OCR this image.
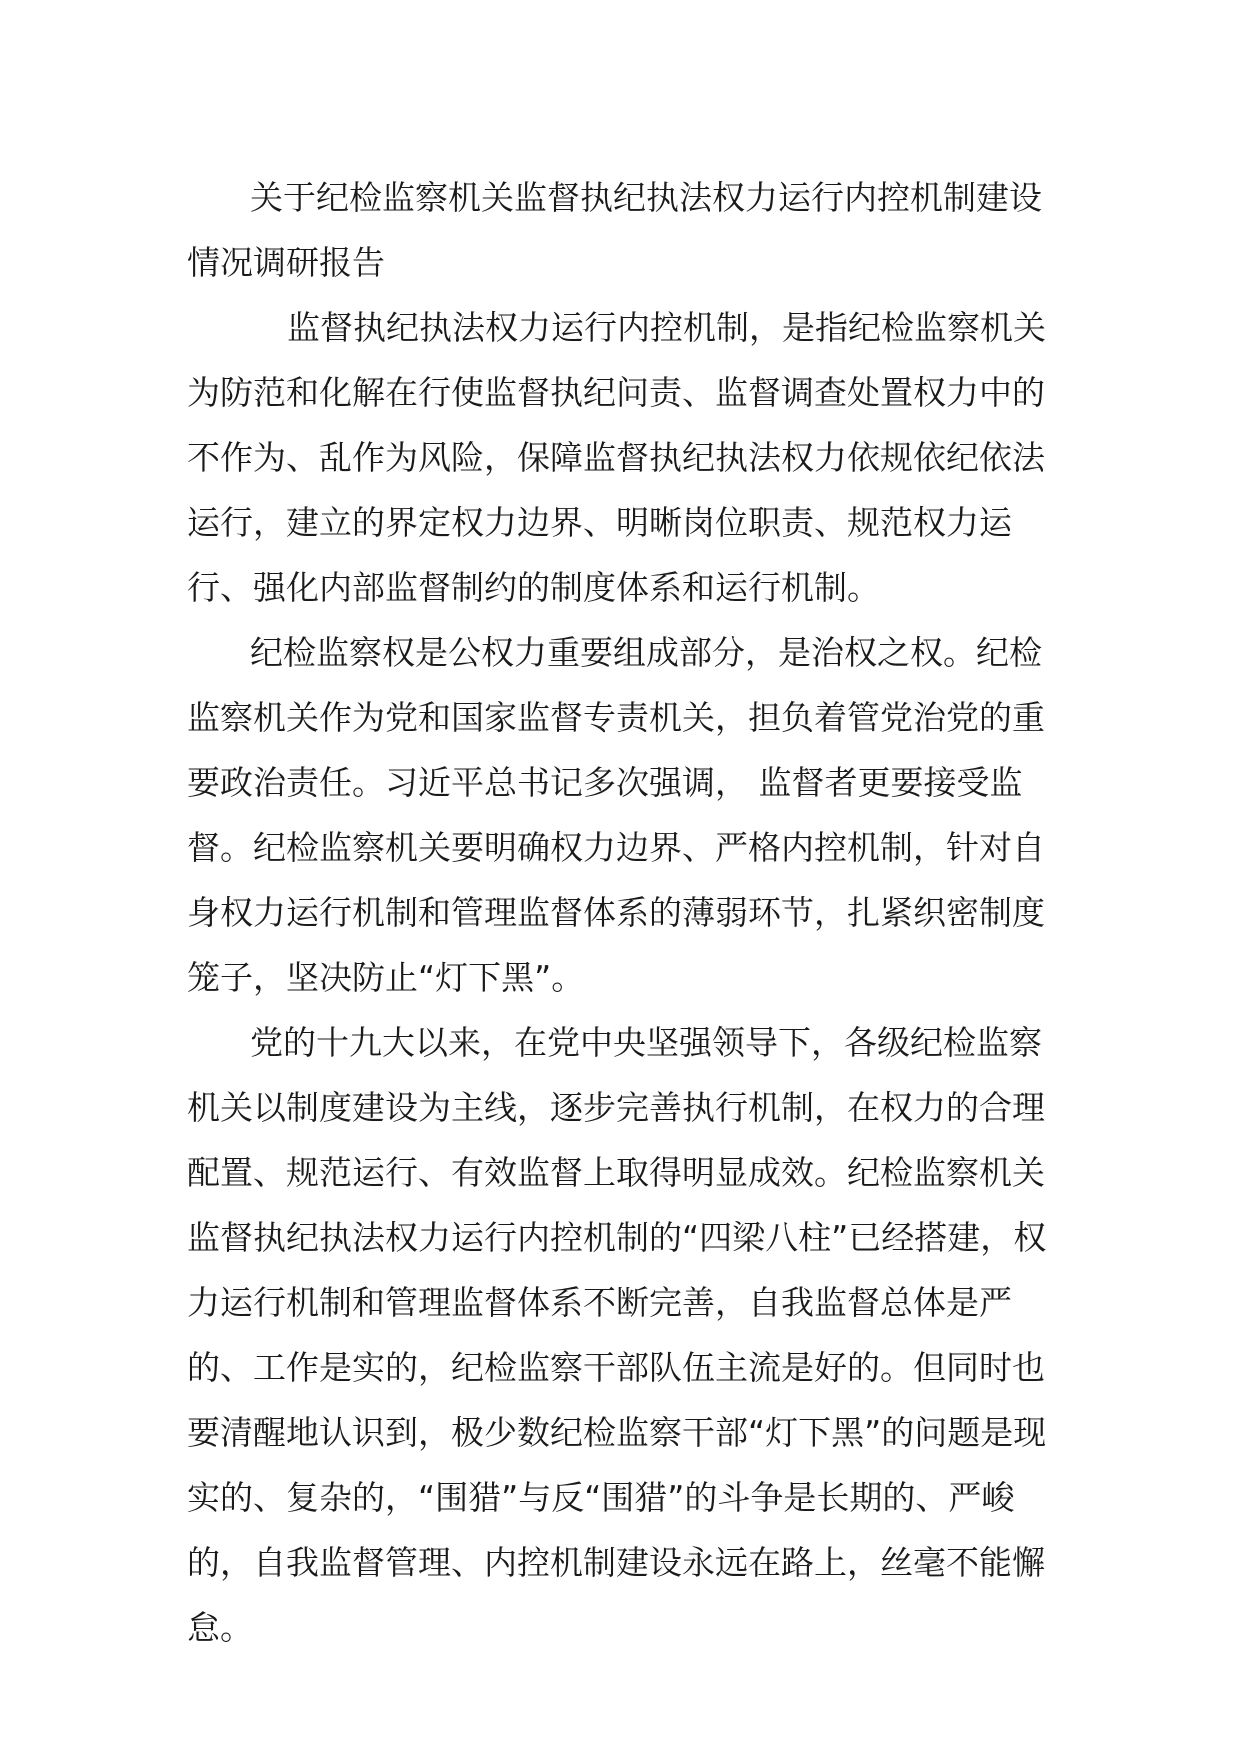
关于纪检监察机关监督执纪执法权力运行内控机制建设情况调研报告

监督执纪执法权力运行内控机制，是指纪检监察机关为防范和化解在行使监督执纪问责、监督调查处置权力中的不作为、乱作为风险，保障监督执纪执法权力依规依纪依法运行，建立的界定权力边界、明晰岗位职责、规范权力运行、强化内部监督制约的制度体系和运行机制。

纪检监察权是公权力重要组成部分，是治权之权。纪检监察机关作为党和国家监督专责机关，担负着管党治党的重要政治责任。习近平总书记多次强调， 监督者更要接受监督。纪检监察机关要明确权力边界、严格内控机制，针对自身权力运行机制和管理监督体系的薄弱环节，扎紧织密制度笼子，坚决防止“灯下黑”。

党的十九大以来，在党中央坚强领导下，各级纪检监察机关以制度建设为主线，逐步完善执行机制，在权力的合理配置、规范运行、有效监督上取得明显成效。纪检监察机关监督执纪执法权力运行内控机制的“四梁八柱”已经搭建，权力运行机制和管理监督体系不断完善，自我监督总体是严的、工作是实的，纪检监察干部队伍主流是好的。但同时也要清醒地认识到，极少数纪检监察干部“灯下黑”的问题是现实的、复杂的，“围猎”与反“围猎”的斗争是长期的、严峻的，自我监督管理、内控机制建设永远在路上，丝毫不能懈怠。
